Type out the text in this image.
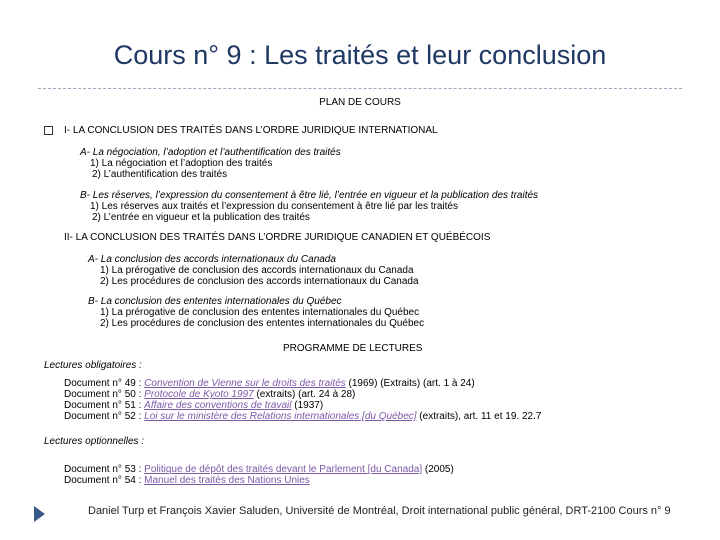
Cours n° 9 : Les traités et leur conclusion
PLAN DE COURS
I- LA CONCLUSION DES TRAITÉS DANS L’ORDRE JURIDIQUE INTERNATIONAL
A- La négociation, l’adoption et l’authentification des traités
1) La négociation et l’adoption des traités
2) L’authentification des traités
B- Les réserves, l’expression du consentement à être lié, l’entrée en vigueur et la publication des traités
1) Les réserves aux traités et l’expression du consentement à être lié par les traités
2) L’entrée en vigueur et la publication des traités
II- LA CONCLUSION DES TRAITÉS DANS L’ORDRE JURIDIQUE CANADIEN ET QUÉBÉCOIS
A- La conclusion des accords internationaux du Canada
1) La prérogative de conclusion des accords internationaux du Canada
2) Les procédures de conclusion des accords internationaux du Canada
B- La conclusion des ententes internationales du Québec
1) La prérogative de conclusion des ententes internationales du Québec
2) Les procédures de conclusion des ententes internationales du Québec
PROGRAMME DE LECTURES
Lectures obligatoires :
Document n° 49 : Convention de Vienne sur le droits des traités (1969) (Extraits) (art. 1 à 24)
Document n° 50 : Protocole de Kyoto 1997 (extraits) (art. 24 à 28)
Document n° 51 : Affaire des conventions de travail (1937)
Document n° 52 : Loi sur le ministère des Relations internationales [du Québec] (extraits), art. 11 et 19. 22.7
Lectures optionnelles :
Document n° 53 : Politique de dépôt des traités devant le Parlement [du Canada] (2005)
Document n° 54 : Manuel des traités des Nations Unies
Daniel Turp et François Xavier Saluden, Université de Montréal, Droit international public général, DRT-2100 Cours n° 9
